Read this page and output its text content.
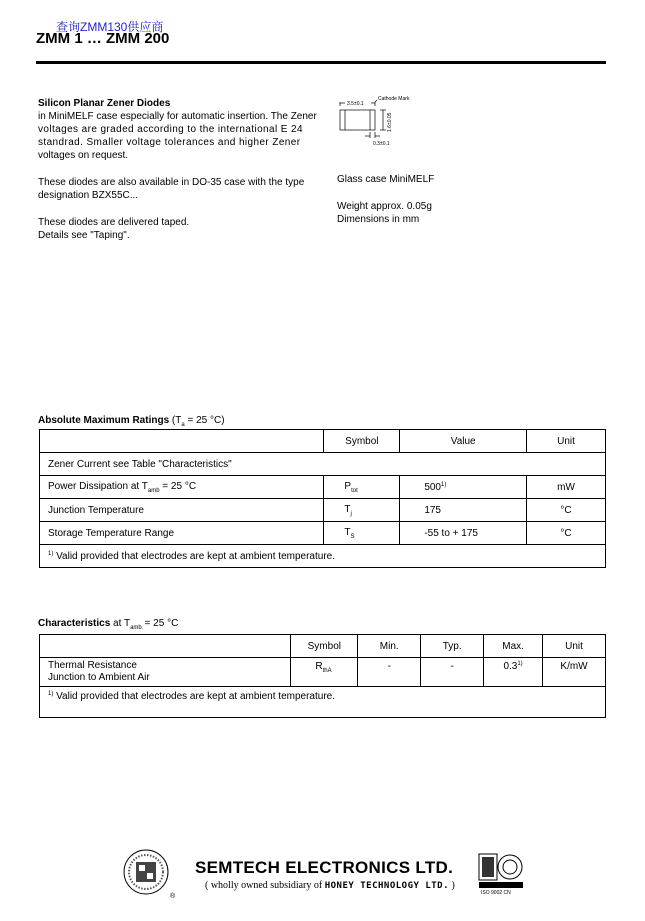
查询ZMM130供应商
ZMM 1 … ZMM 200
Silicon Planar Zener Diodes
in MiniMELF case especially for automatic insertion. The Zener
voltages are graded according to the international E 24
standrad. Smaller voltage tolerances and higher Zener
voltages on request.
These diodes are also available in DO-35 case with the type
designation BZX55C...
These diodes are delivered taped.
Details see "Taping".
3.5±0.1
Cathode Mark
1.6±0.05
0.3±0.1
Glass case MiniMELF
Weight approx. 0.05g
Dimensions in mm
Absolute Maximum Ratings ($T_a = 25$ °C)
	Symbol	Value	Unit
Zener Current see Table "Characteristics"			
Power Dissipation at $T_{amb} = 25$ °C	$P_{tot}$	500$^{1)}$	mW
Junction Temperature	$T_j$	175	°C
Storage Temperature Range	$T_S$	-55 to + 175	°C
$^{1)}$ Valid provided that electrodes are kept at ambient temperature.			
Characteristics at $T_{amb} = 25$ °C
	Symbol	Min.	Typ.	Max.	Unit

Thermal Resistance
Junction to Ambient Air	$R_{thA}$	-	-	0.3$^{1)}$	K/mW
$^{1)}$ Valid provided that electrodes are kept at ambient temperature.					
®
SEMTECH ELECTRONICS LTD.
( wholly owned subsidiary of HONEY TECHNOLOGY LTD. )
ISO 9002 CN
